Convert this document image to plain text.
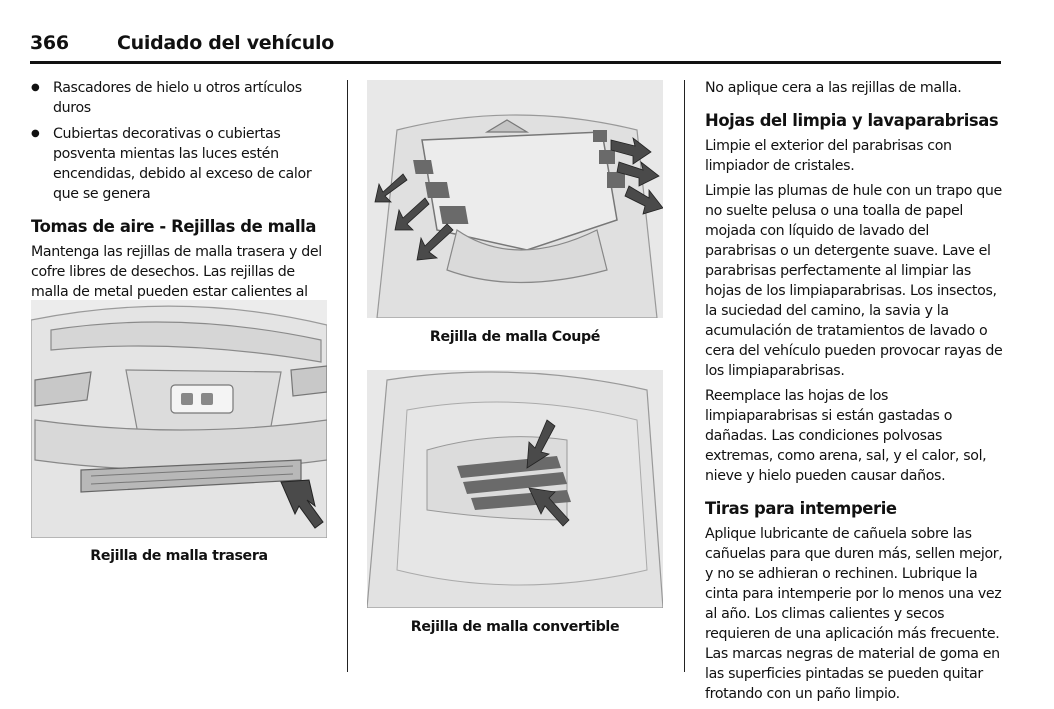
366	Cuidado del vehículo
● Rascadores de hielo u otros artículos duros
● Cubiertas decorativas o cubiertas posventa mientas las luces estén encendidas, debido al exceso de calor que se genera
Tomas de aire - Rejillas de malla

Mantenga las rejillas de malla trasera y del cofre libres de desechos. Las rejillas de malla de metal pueden estar calientes al

Rejilla de malla trasera
Rejilla de malla Coupé
Rejilla de malla convertible

No aplique cera a las rejillas de malla.

Hojas del limpia y lavaparabrisas

Limpie el exterior del parabrisas con limpiador de cristales.

Limpie las plumas de hule con un trapo que no suelte pelusa o una toalla de papel mojada con líquido de lavado del parabrisas o un detergente suave. Lave el parabrisas perfectamente al limpiar las hojas de los limpiaparabrisas. Los insectos, la suciedad del camino, la savia y la acumulación de tratamientos de lavado o cera del vehículo pueden provocar rayas de los limpiaparabrisas.

Reemplace las hojas de los limpiaparabrisas si están gastadas o dañadas. Las condiciones polvosas extremas, como arena, sal, y el calor, sol, nieve y hielo pueden causar daños.

Tiras para intemperie

Aplique lubricante de cañuela sobre las cañuelas para que duren más, sellen mejor, y no se adhieran o rechinen. Lubrique la cinta para intemperie por lo menos una vez al año. Los climas calientes y secos requieren de una aplicación más frecuente. Las marcas negras de material de goma en las superficies pintadas se pueden quitar frotando con un paño limpio.
